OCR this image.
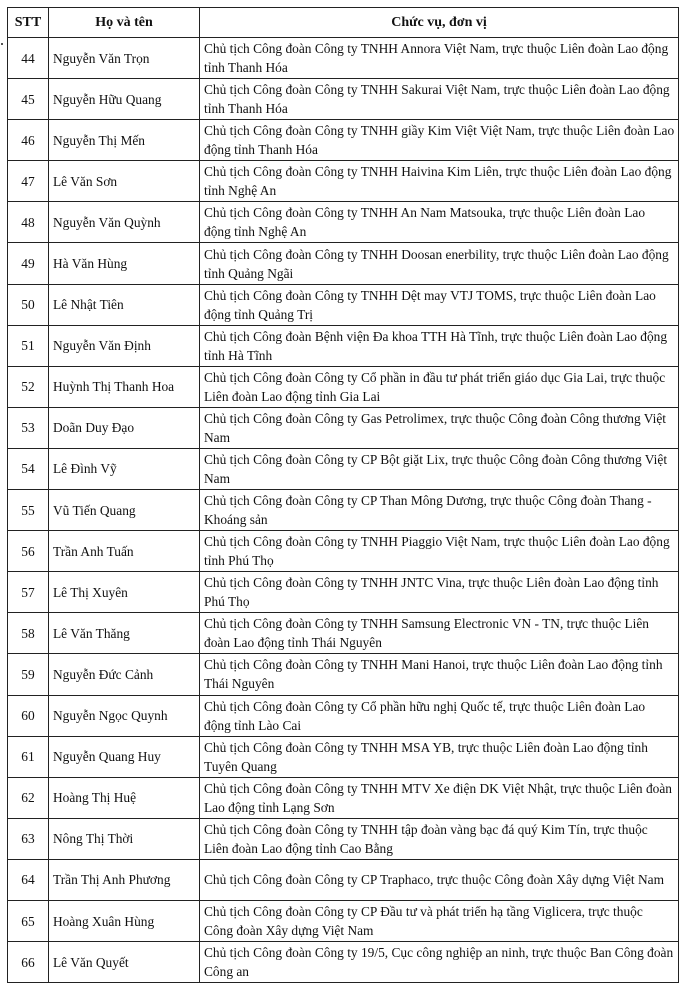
STT	Họ và tên	Chức vụ, đơn vị
44	Nguyễn Văn Trọn	Chủ tịch Công đoàn Công ty TNHH Annora Việt Nam, trực thuộc Liên đoàn Lao động tỉnh Thanh Hóa
45	Nguyễn Hữu Quang	Chủ tịch Công đoàn Công ty TNHH Sakurai Việt Nam, trực thuộc Liên đoàn Lao động tỉnh Thanh Hóa
46	Nguyễn Thị Mến	Chủ tịch Công đoàn Công ty TNHH giầy Kim Việt Việt Nam, trực thuộc Liên đoàn Lao động tỉnh Thanh Hóa
47	Lê Văn Sơn	Chủ tịch Công đoàn Công ty TNHH Haivina Kim Liên, trực thuộc Liên đoàn Lao động tỉnh Nghệ An
48	Nguyễn Văn Quỳnh	Chủ tịch Công đoàn Công ty TNHH An Nam Matsouka, trực thuộc Liên đoàn Lao động tỉnh Nghệ An
49	Hà Văn Hùng	Chủ tịch Công đoàn Công ty TNHH Doosan enerbility, trực thuộc Liên đoàn Lao động tỉnh Quảng Ngãi
50	Lê Nhật Tiên	Chủ tịch Công đoàn Công ty TNHH Dệt may VTJ TOMS, trực thuộc Liên đoàn Lao động tỉnh Quảng Trị
51	Nguyễn Văn Định	Chủ tịch Công đoàn Bệnh viện Đa khoa TTH Hà Tĩnh, trực thuộc Liên đoàn Lao động tỉnh Hà Tĩnh
52	Huỳnh Thị Thanh Hoa	Chủ tịch Công đoàn Công ty Cổ phần in đầu tư phát triển giáo dục Gia Lai, trực thuộc Liên đoàn Lao động tỉnh Gia Lai
53	Doãn Duy Đạo	Chủ tịch Công đoàn Công ty Gas Petrolimex, trực thuộc Công đoàn Công thương Việt Nam
54	Lê Đình Vỹ	Chủ tịch Công đoàn Công ty CP Bột giặt Lix, trực thuộc Công đoàn Công thương Việt Nam
55	Vũ Tiến Quang	Chủ tịch Công đoàn Công ty CP Than Mông Dương, trực thuộc Công đoàn Thang - Khoáng sản
56	Trần Anh Tuấn	Chủ tịch Công đoàn Công ty TNHH Piaggio Việt Nam, trực thuộc Liên đoàn Lao động tỉnh Phú Thọ
57	Lê Thị Xuyên	Chủ tịch Công đoàn Công ty TNHH JNTC Vina, trực thuộc Liên đoàn Lao động tỉnh Phú Thọ
58	Lê Văn Thăng	Chủ tịch Công đoàn Công ty TNHH Samsung Electronic VN - TN, trực thuộc Liên đoàn Lao động tỉnh Thái Nguyên
59	Nguyễn Đức Cảnh	Chủ tịch Công đoàn Công ty TNHH Mani Hanoi, trực thuộc Liên đoàn Lao động tỉnh Thái Nguyên
60	Nguyễn Ngọc Quynh	Chủ tịch Công đoàn Công ty Cổ phần hữu nghị Quốc tế, trực thuộc Liên đoàn Lao động tỉnh Lào Cai
61	Nguyễn Quang Huy	Chủ tịch Công đoàn Công ty TNHH MSA YB, trực thuộc Liên đoàn Lao động tỉnh Tuyên Quang
62	Hoàng Thị Huệ	Chủ tịch Công đoàn Công ty TNHH MTV Xe điện DK Việt Nhật, trực thuộc Liên đoàn Lao động tỉnh Lạng Sơn
63	Nông Thị Thời	Chủ tịch Công đoàn Công ty TNHH tập đoàn vàng bạc đá quý Kim Tín, trực thuộc Liên đoàn Lao động tỉnh Cao Bằng
64	Trần Thị Anh Phương	Chủ tịch Công đoàn Công ty CP Traphaco, trực thuộc Công đoàn Xây dựng Việt Nam
65	Hoàng Xuân Hùng	Chủ tịch Công đoàn Công ty CP Đầu tư và phát triển hạ tầng Viglicera, trực thuộc Công đoàn Xây dựng Việt Nam
66	Lê Văn Quyết	Chủ tịch Công đoàn Công ty 19/5, Cục công nghiệp an ninh, trực thuộc Ban Công đoàn Công an
